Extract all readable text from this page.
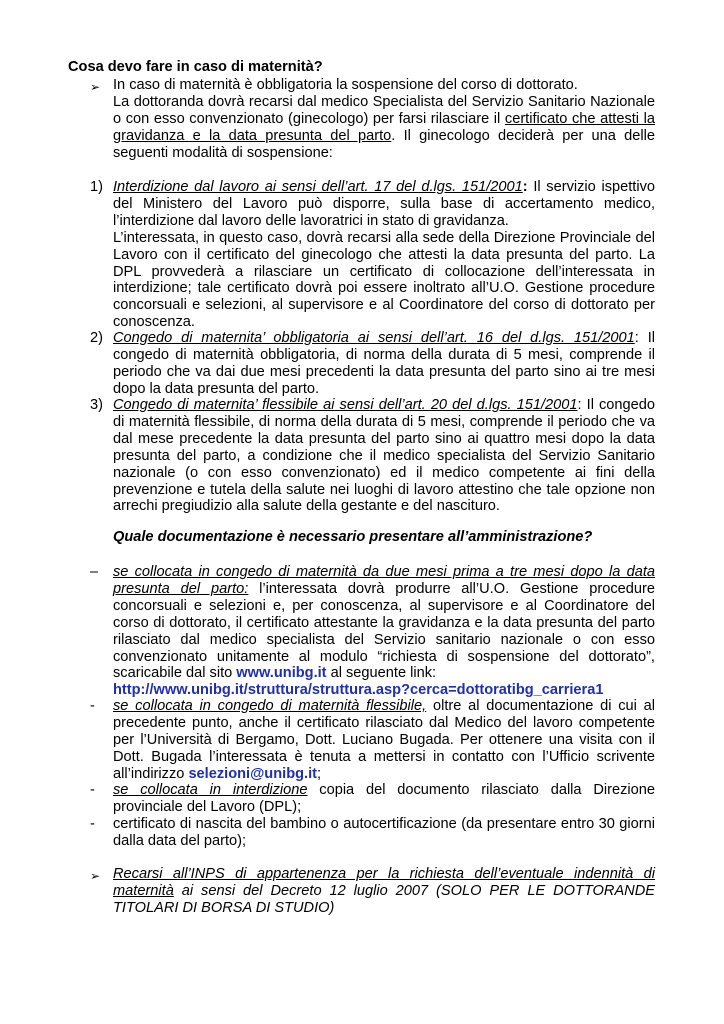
Cosa devo fare in caso di maternità?
➢ In caso di maternità è obbligatoria la sospensione del corso di dottorato.

La dottoranda dovrà recarsi dal medico Specialista del Servizio Sanitario Nazionale o con esso convenzionato (ginecologo) per farsi rilasciare il certificato che attesti la gravidanza e la data presunta del parto. Il ginecologo deciderà per una delle seguenti modalità di sospensione:

1) Interdizione dal lavoro ai sensi dell’art. 17 del d.lgs. 151/2001: Il servizio ispettivo del Ministero del Lavoro può disporre, sulla base di accertamento medico, l’interdizione dal lavoro delle lavoratrici in stato di gravidanza.

L’interessata, in questo caso, dovrà recarsi alla sede della Direzione Provinciale del Lavoro con il certificato del ginecologo che attesti la data presunta del parto. La DPL provvederà a rilasciare un certificato di collocazione dell’interessata in interdizione; tale certificato dovrà poi essere inoltrato all’U.O. Gestione procedure concorsuali e selezioni, al supervisore e al Coordinatore del corso di dottorato per conoscenza.

2) Congedo di maternita’ obbligatoria ai sensi dell’art. 16 del d.lgs. 151/2001: Il congedo di maternità obbligatoria, di norma della durata di 5 mesi, comprende il periodo che va dai due mesi precedenti la data presunta del parto sino ai tre mesi dopo la data presunta del parto.

3) Congedo di maternita’ flessibile ai sensi dell’art. 20 del d.lgs. 151/2001: Il congedo di maternità flessibile, di norma della durata di 5 mesi, comprende il periodo che va dal mese precedente la data presunta del parto sino ai quattro mesi dopo la data presunta del parto, a condizione che il medico specialista del Servizio Sanitario nazionale (o con esso convenzionato) ed il medico competente ai fini della prevenzione e tutela della salute nei luoghi di lavoro attestino che tale opzione non arrechi pregiudizio alla salute della gestante e del nascituro.

Quale documentazione è necessario presentare all’amministrazione?
–	se collocata in congedo di maternità da due mesi prima a tre mesi dopo la data presunta del parto: l’interessata dovrà produrre all’U.O. Gestione procedure concorsuali e selezioni e, per conoscenza, al supervisore e al Coordinatore del corso di dottorato, il certificato attestante la gravidanza e la data presunta del parto rilasciato dal medico specialista del Servizio sanitario nazionale o con esso convenzionato unitamente al modulo “richiesta di sospensione del dottorato”, scaricabile dal sito www.unibg.it al seguente link:

http://www.unibg.it/struttura/struttura.asp?cerca=dottoratibg_carriera1

-	se collocata in congedo di maternità flessibile, oltre al documentazione di cui al precedente punto, anche il certificato rilasciato dal Medico del lavoro competente per l’Università di Bergamo, Dott. Luciano Bugada. Per ottenere una visita con il Dott. Bugada l’interessata è tenuta a mettersi in contatto con l’Ufficio scrivente all’indirizzo selezioni@unibg.it;

-	se collocata in interdizione copia del documento rilasciato dalla Direzione provinciale del Lavoro (DPL);

-	certificato di nascita del bambino o autocertificazione (da presentare entro 30 giorni dalla data del parto);

➢ Recarsi all’INPS di appartenenza per la richiesta dell’eventuale indennità di maternità ai sensi del Decreto 12 luglio 2007 (SOLO PER LE DOTTORANDE TITOLARI DI BORSA DI STUDIO)
